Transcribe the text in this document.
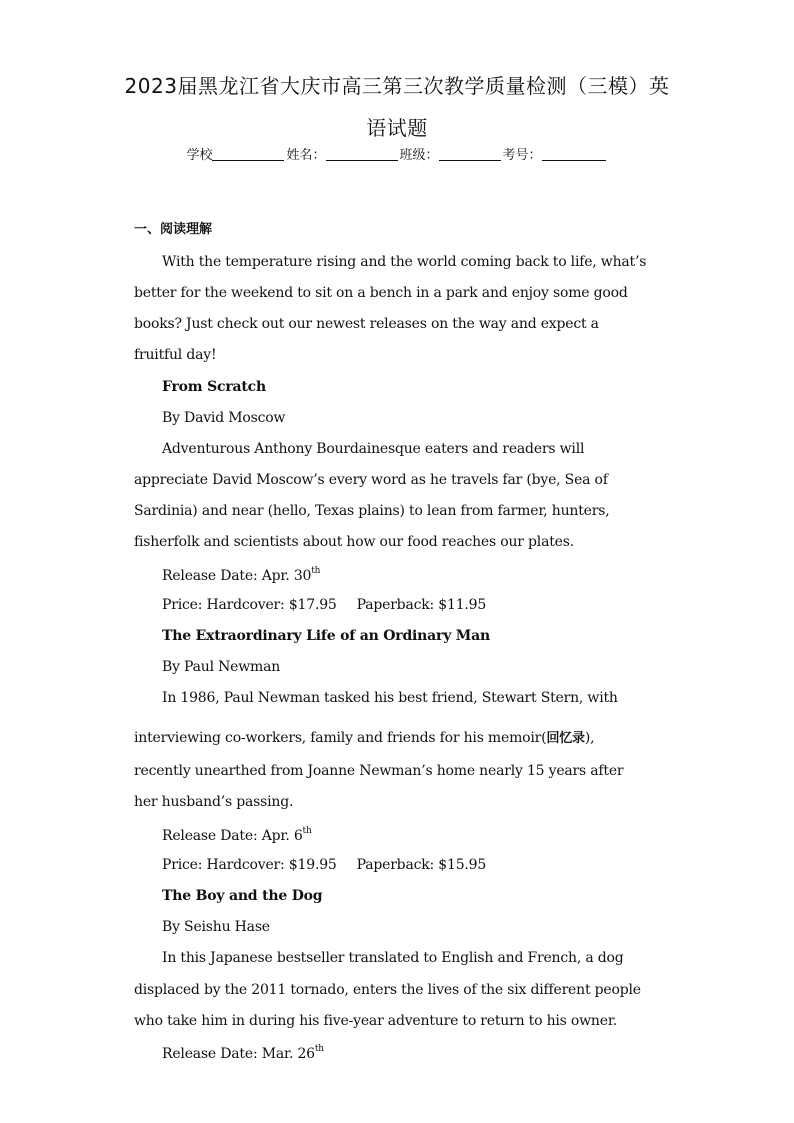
2023届黑龙江省大庆市高三第三次教学质量检测（三模）英
语试题
学校	姓名：	班级：	考号：
一、阅读理解
With the temperature rising and the world coming back to life, what’s
better for the weekend to sit on a bench in a park and enjoy some good
books? Just check out our newest releases on the way and expect a
fruitful day!
From Scratch
By David Moscow
Adventurous Anthony Bourdainesque eaters and readers will
appreciate David Moscow’s every word as he travels far (bye, Sea of
Sardinia) and near (hello, Texas plains) to lean from farmer, hunters,
fisherfolk and scientists about how our food reaches our plates.
Release Date: Apr. 30th
Price: Hardcover: $17.95 Paperback: $11.95
The Extraordinary Life of an Ordinary Man
By Paul Newman
In 1986, Paul Newman tasked his best friend, Stewart Stern, with
interviewing co-workers, family and friends for his memoir(回忆录),
recently unearthed from Joanne Newman’s home nearly 15 years after
her husband’s passing.
Release Date: Apr. 6th
Price: Hardcover: $19.95 Paperback: $15.95
The Boy and the Dog
By Seishu Hase
In this Japanese bestseller translated to English and French, a dog
displaced by the 2011 tornado, enters the lives of the six different people
who take him in during his five-year adventure to return to his owner.
Release Date: Mar. 26th
